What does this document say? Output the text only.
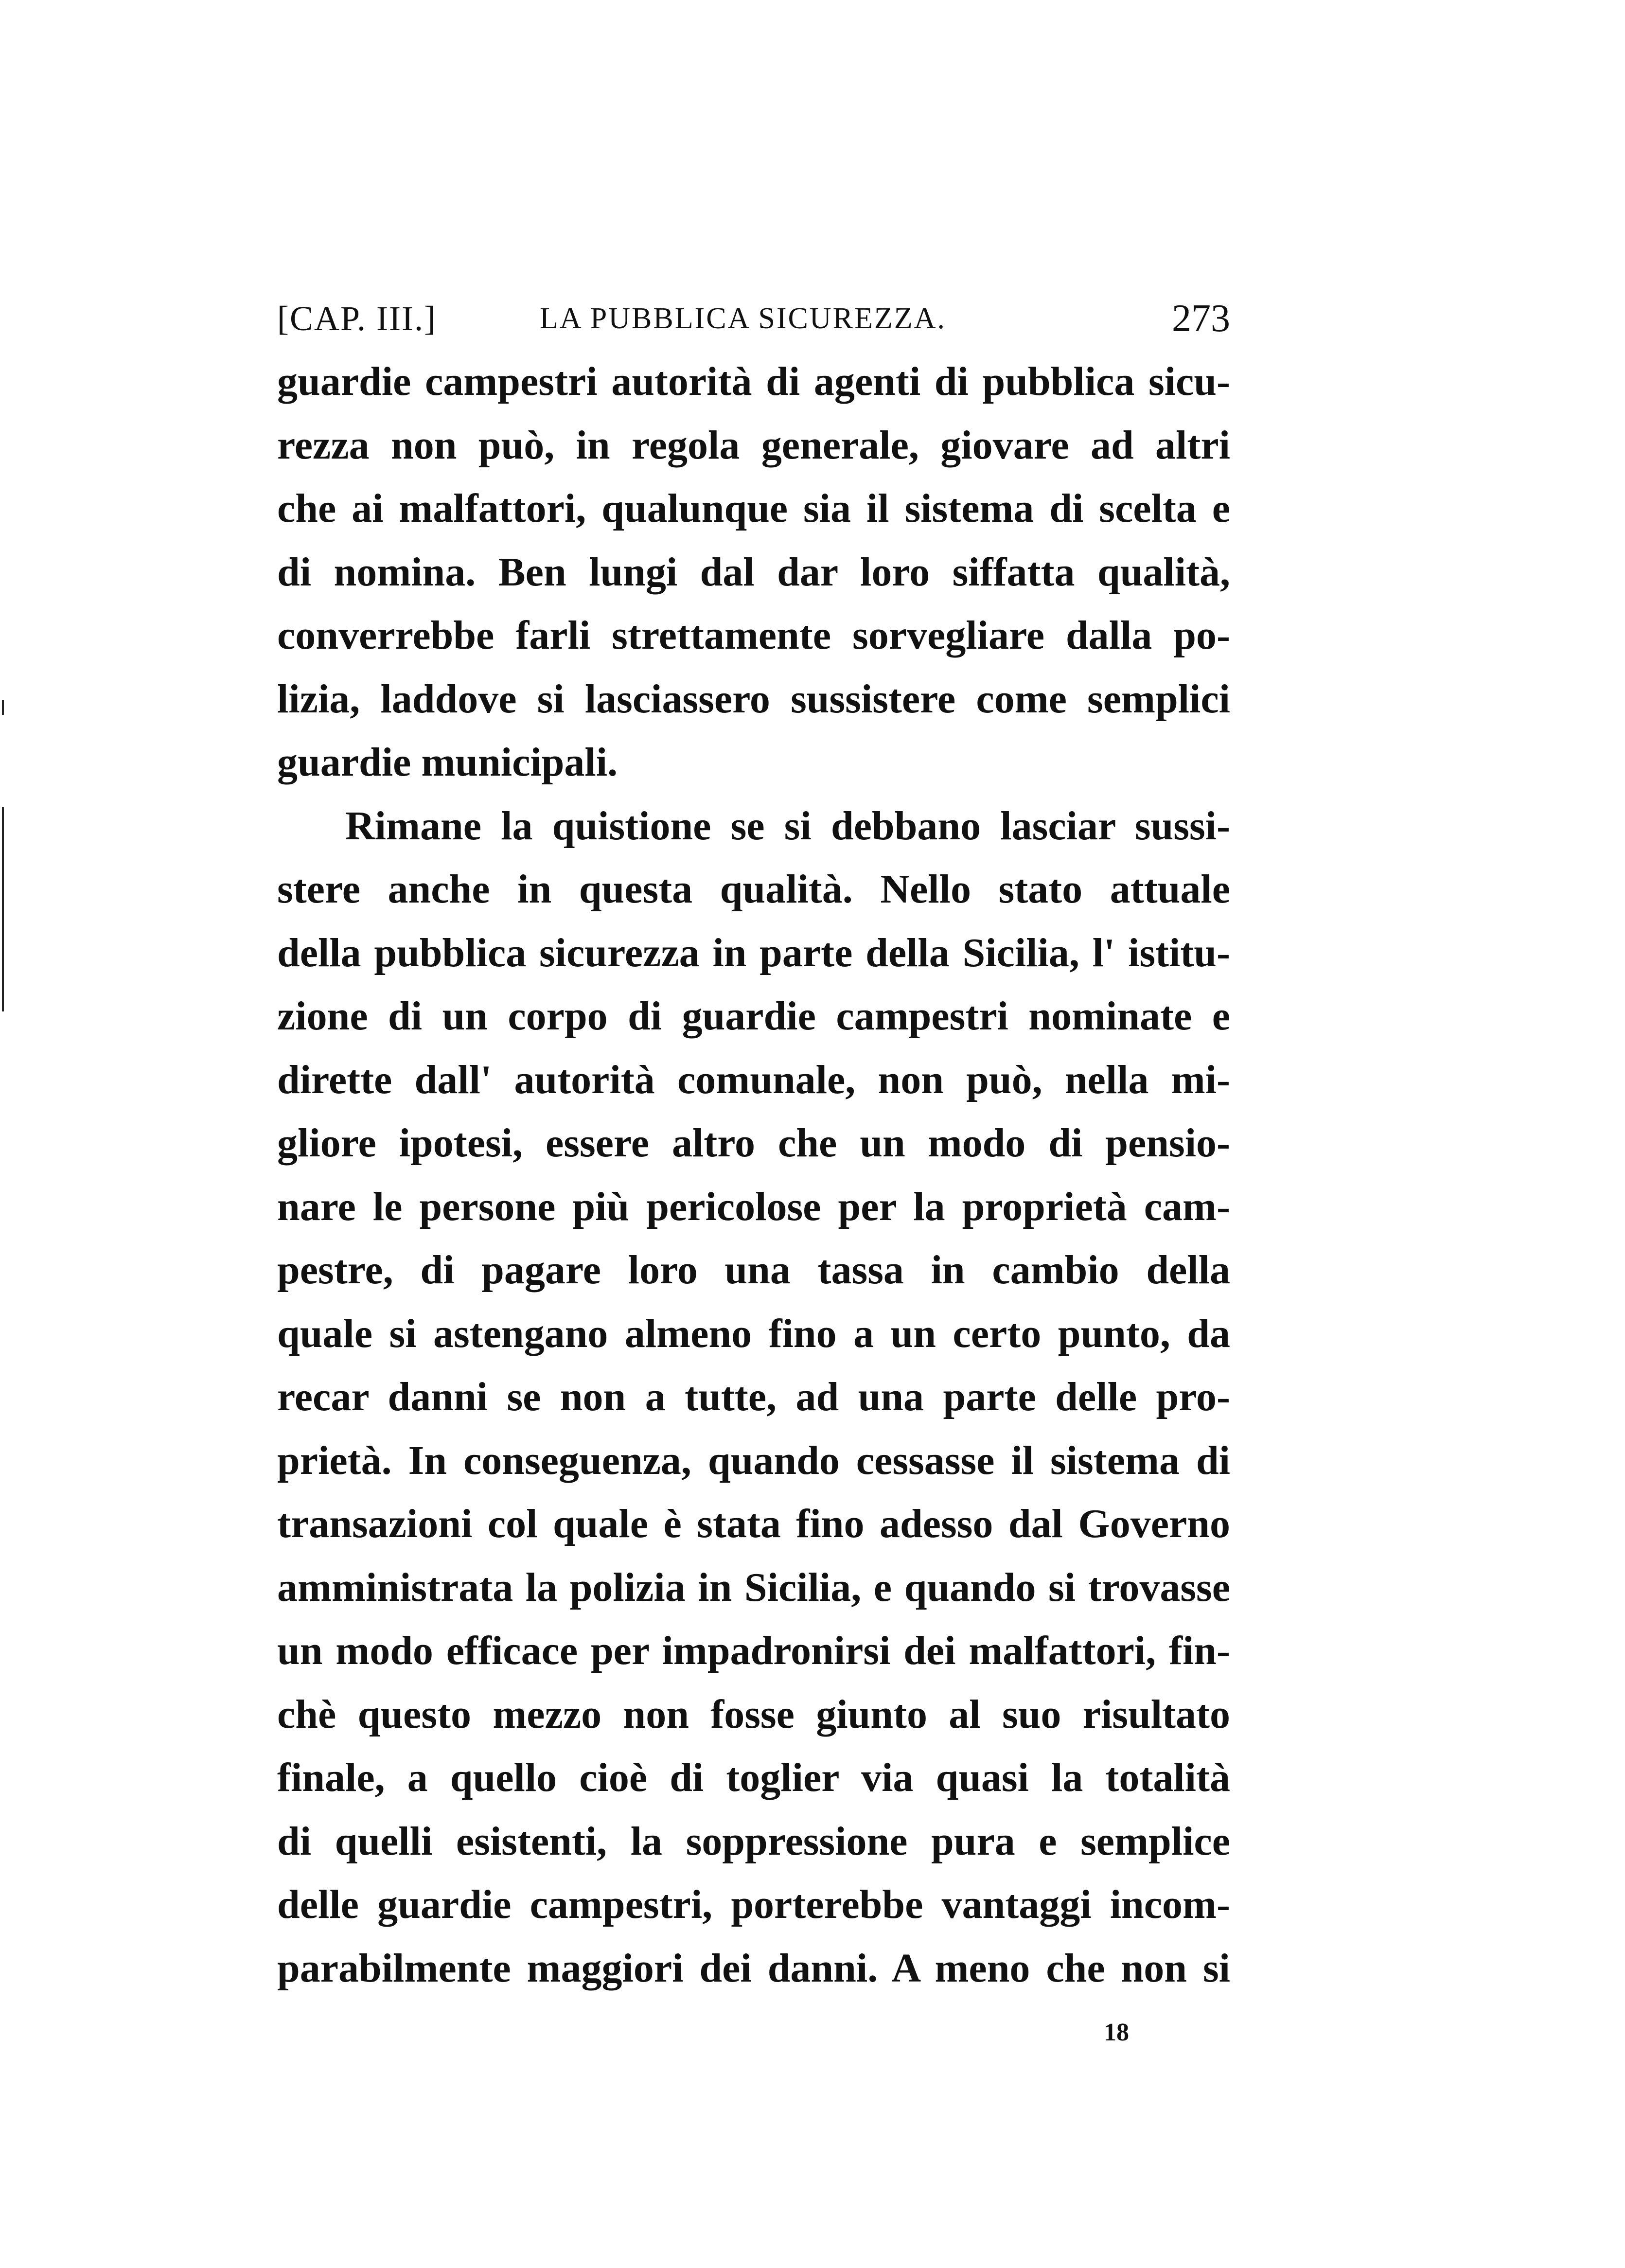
[CAP. III.]	LA PUBBLICA SICUREZZA.	273
guardie campestri autorità di agenti di pubblica sicu-
rezza non può, in regola generale, giovare ad altri
che ai malfattori, qualunque sia il sistema di scelta e
di nomina. Ben lungi dal dar loro siffatta qualità,
converrebbe farli strettamente sorvegliare dalla po-
lizia, laddove si lasciassero sussistere come semplici
guardie municipali.
Rimane la quistione se si debbano lasciar sussi-
stere anche in questa qualità. Nello stato attuale
della pubblica sicurezza in parte della Sicilia, l' istitu-
zione di un corpo di guardie campestri nominate e
dirette dall' autorità comunale, non può, nella mi-
gliore ipotesi, essere altro che un modo di pensio-
nare le persone più pericolose per la proprietà cam-
pestre, di pagare loro una tassa in cambio della
quale si astengano almeno fino a un certo punto, da
recar danni se non a tutte, ad una parte delle pro-
prietà. In conseguenza, quando cessasse il sistema di
transazioni col quale è stata fino adesso dal Governo
amministrata la polizia in Sicilia, e quando si trovasse
un modo efficace per impadronirsi dei malfattori, fin-
chè questo mezzo non fosse giunto al suo risultato
finale, a quello cioè di toglier via quasi la totalità
di quelli esistenti, la soppressione pura e semplice
delle guardie campestri, porterebbe vantaggi incom-
parabilmente maggiori dei danni. A meno che non si
18
